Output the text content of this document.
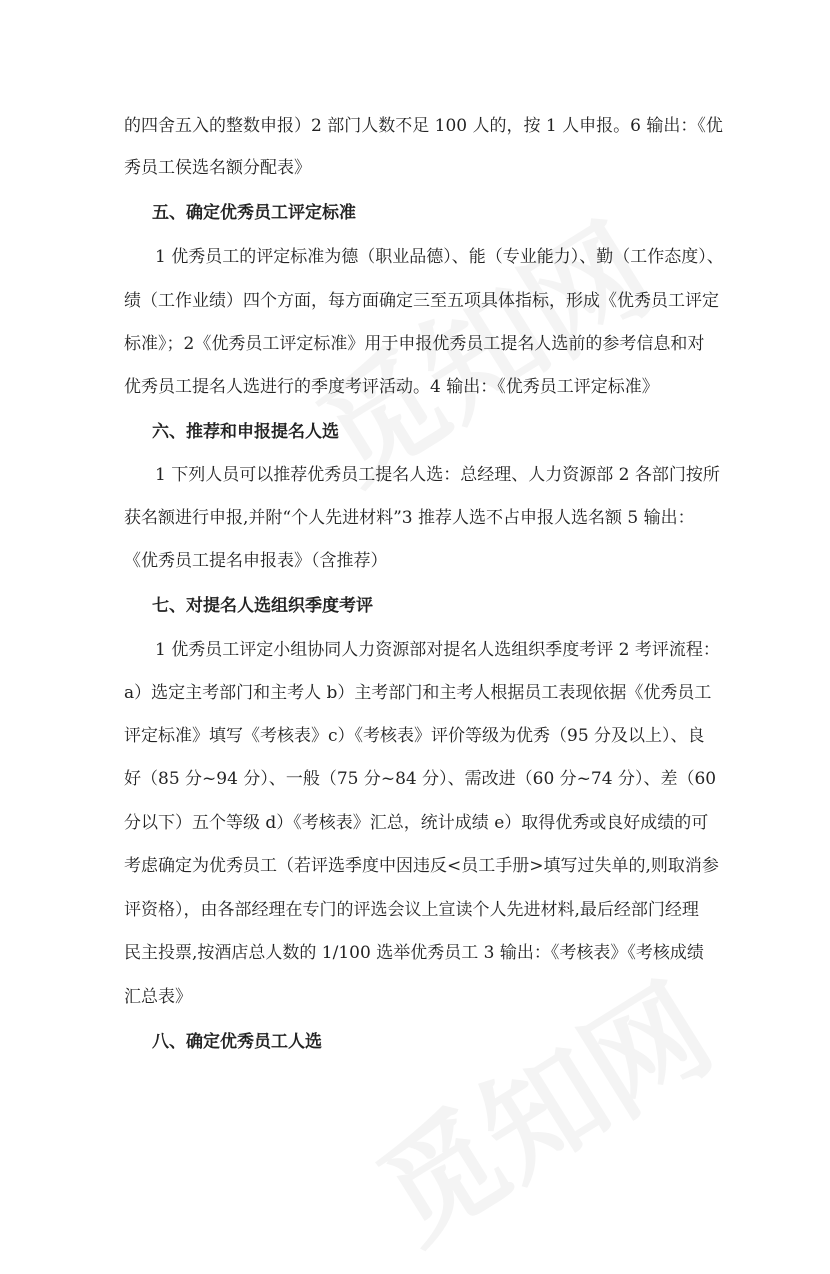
的四舍五入的整数申报）2 部门人数不足 100 人的，按 1 人申报。6 输出：《优

秀员工侯选名额分配表》

五、确定优秀员工评定标准

1 优秀员工的评定标准为德（职业品德）、能（专业能力）、勤（工作态度）、

绩（工作业绩）四个方面，每方面确定三至五项具体指标，形成《优秀员工评定

标准》；2《优秀员工评定标准》用于申报优秀员工提名人选前的参考信息和对

优秀员工提名人选进行的季度考评活动。4 输出：《优秀员工评定标准》

六、推荐和申报提名人选

1 下列人员可以推荐优秀员工提名人选：总经理、人力资源部 2 各部门按所

获名额进行申报,并附“个人先进材料”3 推荐人选不占申报人选名额 5 输出：

《优秀员工提名申报表》（含推荐）

七、对提名人选组织季度考评

1 优秀员工评定小组协同人力资源部对提名人选组织季度考评 2 考评流程：

a）选定主考部门和主考人 b）主考部门和主考人根据员工表现依据《优秀员工

评定标准》填写《考核表》c）《考核表》评价等级为优秀（95 分及以上）、良

好（85 分~94 分）、一般（75 分~84 分）、需改进（60 分~74 分）、差（60

分以下）五个等级 d）《考核表》汇总，统计成绩 e）取得优秀或良好成绩的可

考虑确定为优秀员工（若评选季度中因违反<员工手册>填写过失单的,则取消参

评资格），由各部经理在专门的评选会议上宣读个人先进材料,最后经部门经理

民主投票,按酒店总人数的 1/100 选举优秀员工 3 输出：《考核表》《考核成绩

汇总表》

八、确定优秀员工人选
